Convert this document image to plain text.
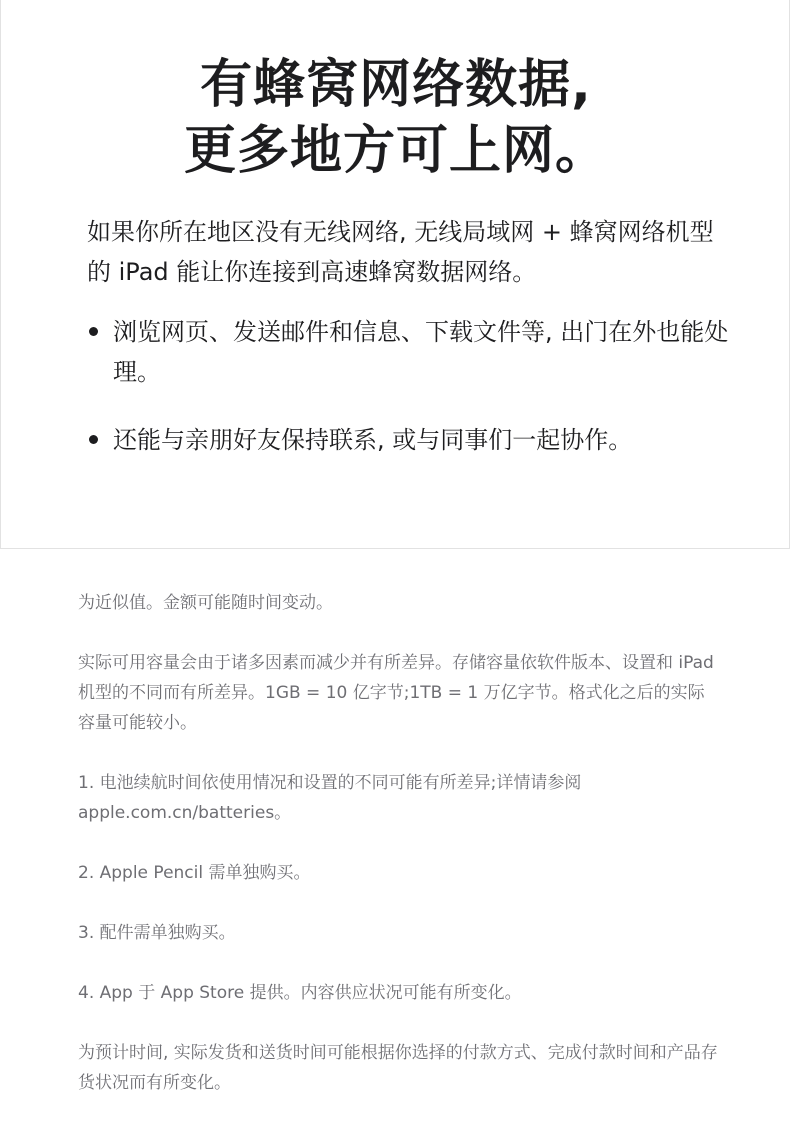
有蜂窝网络数据,
更多地方可上网。

如果你所在地区没有无线网络, 无线局域网 + 蜂窝网络机型的 iPad 能让你连接到高速蜂窝数据网络。

浏览网页、发送邮件和信息、下载文件等, 出门在外也能处理。
还能与亲朋好友保持联系, 或与同事们一起协作。

为近似值。金额可能随时间变动。

实际可用容量会由于诸多因素而减少并有所差异。存储容量依软件版本、设置和 iPad 机型的不同而有所差异。1GB = 10 亿字节;1TB = 1 万亿字节。格式化之后的实际容量可能较小。

1. 电池续航时间依使用情况和设置的不同可能有所差异;详情请参阅 apple.com.cn/batteries。

2. Apple Pencil 需单独购买。

3. 配件需单独购买。

4. App 于 App Store 提供。内容供应状况可能有所变化。

为预计时间, 实际发货和送货时间可能根据你选择的付款方式、完成付款时间和产品存货状况而有所变化。
